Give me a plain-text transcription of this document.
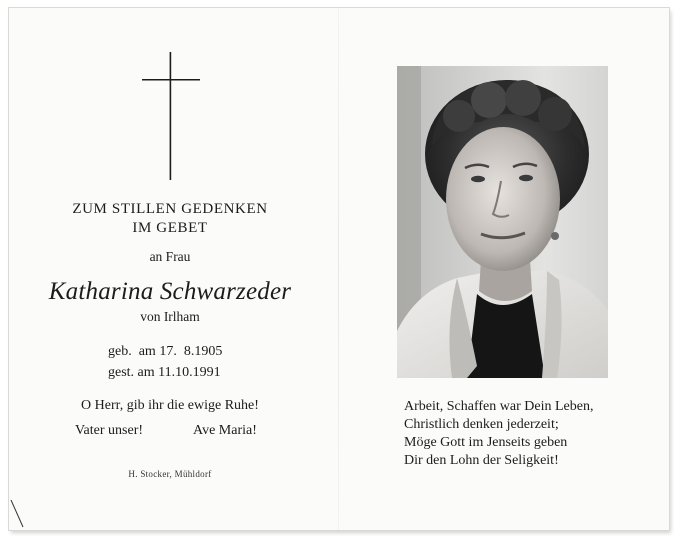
ZUM STILLEN GEDENKEN
IM GEBET
an Frau
Katharina Schwarzeder
von Irlham
geb.  am 17.  8.1905
gest. am 11.10.1991
O Herr, gib ihr die ewige Ruhe!
Vater unser!	Ave Maria!
H. Stocker, Mühldorf
Arbeit, Schaffen war Dein Leben,
Christlich denken jederzeit;
Möge Gott im Jenseits geben
Dir den Lohn der Seligkeit!
